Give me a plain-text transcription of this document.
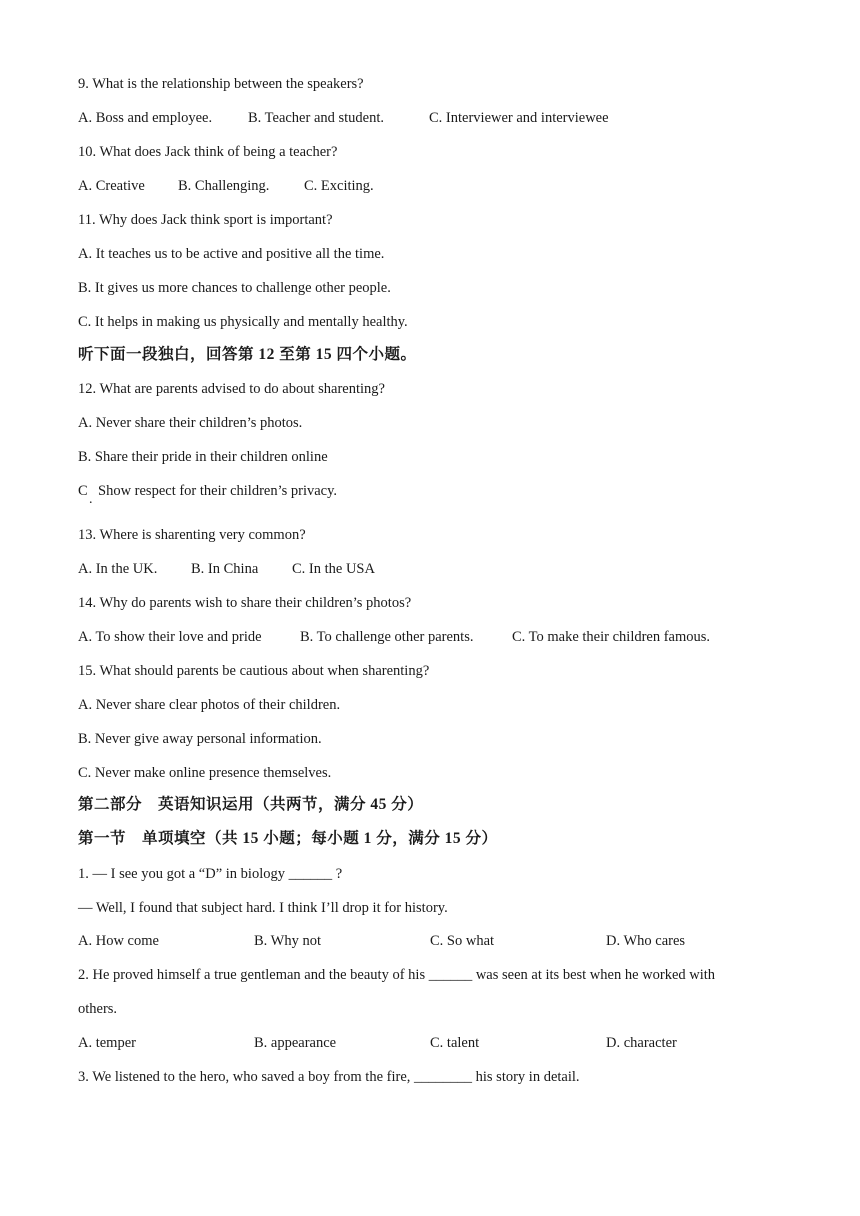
9. What is the relationship between the speakers?
A. Boss and employee. B. Teacher and student.	C. Interviewer and interviewee
10. What does Jack think of being a teacher?
A. Creative B. Challenging. C. Exciting.
11. Why does Jack think sport is important?
A. It teaches us to be active and positive all the time.
B. It gives us more chances to challenge other people.
C. It helps in making us physically and mentally healthy.
听下面一段独白，回答第 12 至第 15 四个小题。
12. What are parents advised to do about sharenting?
A. Never share their children’s photos.
B. Share their pride in their children online
C Show respect for their children’s privacy.
.
13. Where is sharenting very common?
A. In the UK. B. In China C. In the USA
14. Why do parents wish to share their children’s photos?
A. To show their love and pride	B. To challenge other parents.	C. To make their children famous.
15. What should parents be cautious about when sharenting?
A. Never share clear photos of their children.
B. Never give away personal information.
C. Never make online presence themselves.
第二部分　英语知识运用（共两节，满分 45 分）
第一节　单项填空（共 15 小题；每小题 1 分，满分 15 分）
1. — I see you got a “D” in biology ______ ?
— Well, I found that subject hard. I think I’ll drop it for history.
A. How come	B. Why not	C. So what	D. Who cares
2. He proved himself a true gentleman and the beauty of his ______ was seen at its best when he worked with
others.
A. temper	B. appearance	C. talent	D. character
3. We listened to the hero, who saved a boy from the fire, ________ his story in detail.
